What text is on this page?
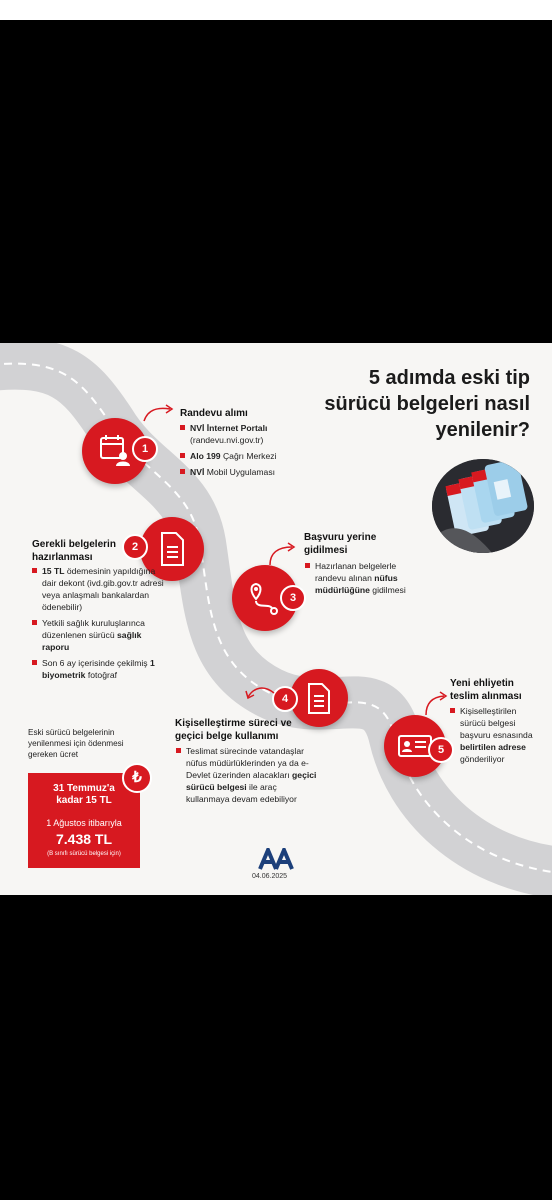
5 adımda eski tip
sürücü belgeleri nasıl
yenilenir?
1
Randevu alımı
NVİ İnternet Portalı (randevu.nvi.gov.tr)
Alo 199 Çağrı Merkezi
NVİ Mobil Uygulaması
2
Gerekli belgelerin
hazırlanması
15 TL ödemesinin yapıldığına dair dekont (ivd.gib.gov.tr adresi veya anlaşmalı bankalardan ödenebilir)
Yetkili sağlık kuruluşlarınca düzenlenen sürücü sağlık raporu
Son 6 ay içerisinde çekilmiş 1 biyometrik fotoğraf
3
Başvuru yerine
gidilmesi
Hazırlanan belgelerle randevu alınan nüfus müdürlüğüne gidilmesi
4
Kişiselleştirme süreci ve
geçici belge kullanımı
Teslimat sürecinde vatandaşlar nüfus müdürlüklerinden ya da e-Devlet üzerinden alacakları geçici sürücü belgesi ile araç kullanmaya devam edebiliyor
5
Yeni ehliyetin
teslim alınması
Kişiselleştirilen sürücü belgesi başvuru esnasında belirtilen adrese gönderiliyor
Eski sürücü belgelerinin yenilenmesi için ödenmesi gereken ücret
31 Temmuz'a
kadar 15 TL
1 Ağustos itibarıyla
7.438 TL
(B sınıfı sürücü belgesi için)
₺
04.06.2025
